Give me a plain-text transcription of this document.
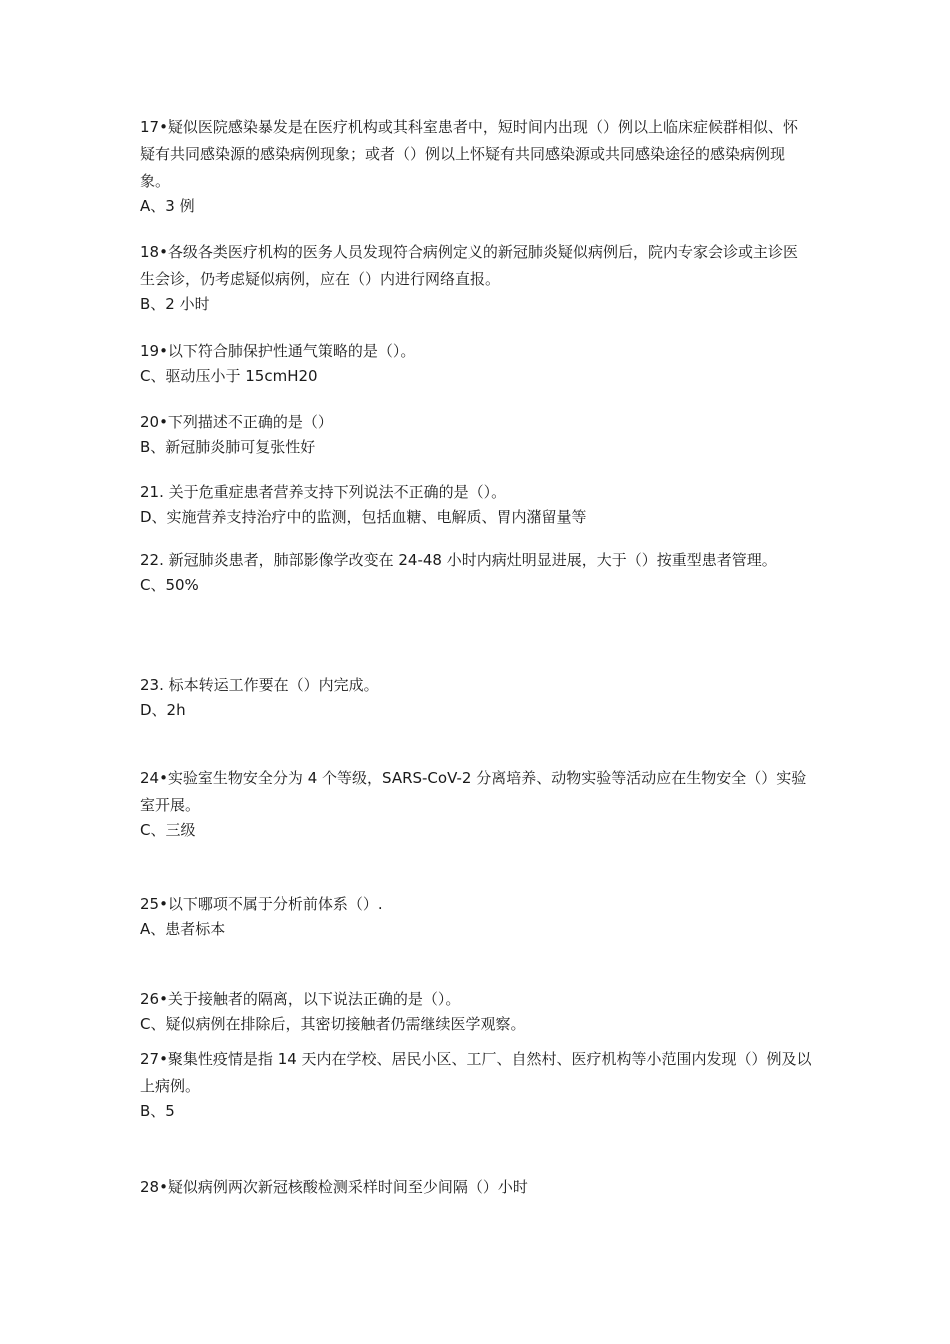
17•疑似医院感染暴发是在医疗机构或其科室患者中，短时间内出现（）例以上临床症候群相似、怀疑有共同感染源的感染病例现象；或者（）例以上怀疑有共同感染源或共同感染途径的感染病例现象。

A、3 例

18•各级各类医疗机构的医务人员发现符合病例定义的新冠肺炎疑似病例后，院内专家会诊或主诊医生会诊，仍考虑疑似病例，应在（）内进行网络直报。

B、2 小时

19•以下符合肺保护性通气策略的是（）。

C、驱动压小于 15cmH20

20•下列描述不正确的是（）

B、新冠肺炎肺可复张性好

21. 关于危重症患者营养支持下列说法不正确的是（）。

D、实施营养支持治疗中的监测，包括血糖、电解质、胃内潴留量等

22. 新冠肺炎患者，肺部影像学改变在 24-48 小时内病灶明显进展，大于（）按重型患者管理。

C、50%

23. 标本转运工作要在（）内完成。

D、2h

24•实验室生物安全分为 4 个等级，SARS-CoV-2 分离培养、动物实验等活动应在生物安全（）实验室开展。

C、三级

25•以下哪项不属于分析前体系（）.

A、患者标本

26•关于接触者的隔离，以下说法正确的是（）。

C、疑似病例在排除后，其密切接触者仍需继续医学观察。

27•聚集性疫情是指 14 天内在学校、居民小区、工厂、自然村、医疗机构等小范围内发现（）例及以上病例。

B、5

28•疑似病例两次新冠核酸检测采样时间至少间隔（）小时
